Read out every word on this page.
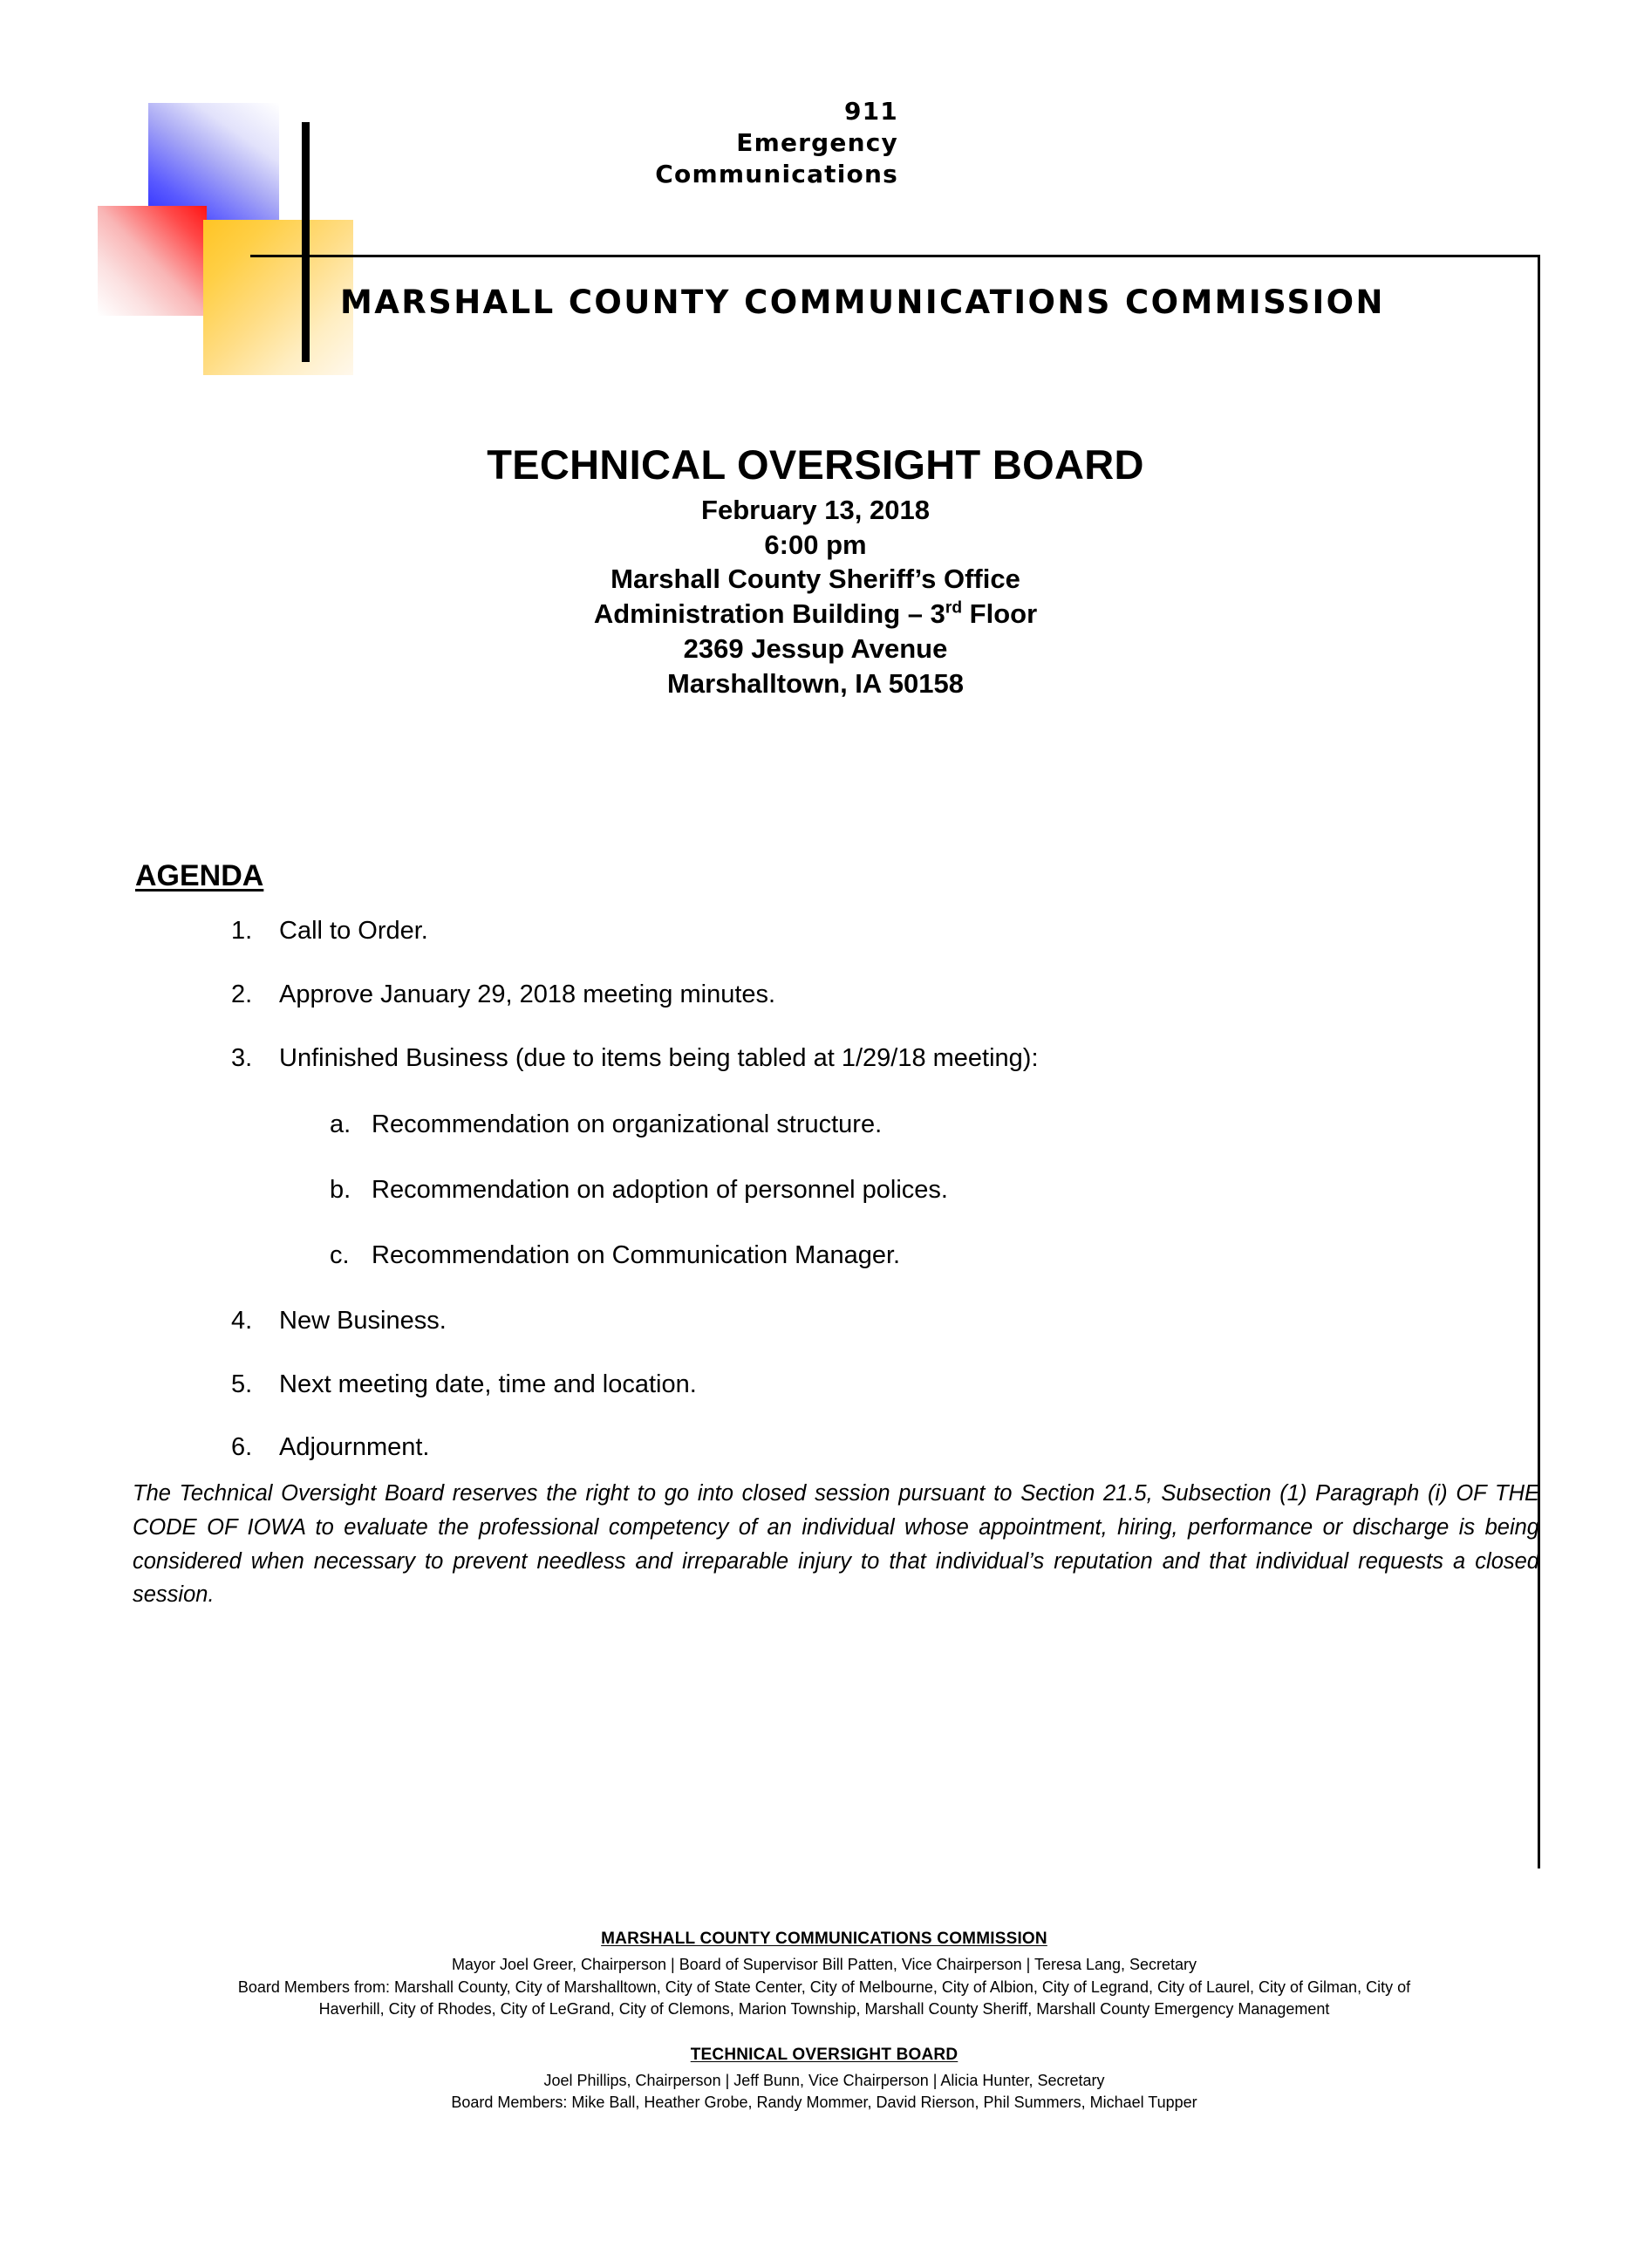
911
Emergency
Communications
MARSHALL COUNTY COMMUNICATIONS COMMISSION
TECHNICAL OVERSIGHT BOARD
February 13, 2018
6:00 pm
Marshall County Sheriff’s Office
Administration Building – 3rd Floor
2369 Jessup Avenue
Marshalltown, IA 50158
AGENDA
1.	Call to Order.
2.	Approve January 29, 2018 meeting minutes.
3.	Unfinished Business (due to items being tabled at 1/29/18 meeting):
a. Recommendation on organizational structure.
b. Recommendation on adoption of personnel polices.
c. Recommendation on Communication Manager.
4.	New Business.
5.	Next meeting date, time and location.
6.	Adjournment.
The Technical Oversight Board reserves the right to go into closed session pursuant to Section 21.5, Subsection (1) Paragraph (i) OF THE CODE OF IOWA to evaluate the professional competency of an individual whose appointment, hiring, performance or discharge is being considered when necessary to prevent needless and irreparable injury to that individual’s reputation and that individual requests a closed session.
MARSHALL COUNTY COMMUNICATIONS COMMISSION
Mayor Joel Greer, Chairperson | Board of Supervisor Bill Patten, Vice Chairperson | Teresa Lang, Secretary
Board Members from: Marshall County, City of Marshalltown, City of State Center, City of Melbourne, City of Albion, City of Legrand, City of Laurel, City of Gilman, City of
Haverhill, City of Rhodes, City of LeGrand, City of Clemons, Marion Township, Marshall County Sheriff, Marshall County Emergency Management
TECHNICAL OVERSIGHT BOARD
Joel Phillips, Chairperson | Jeff Bunn, Vice Chairperson | Alicia Hunter, Secretary
Board Members: Mike Ball, Heather Grobe, Randy Mommer, David Rierson, Phil Summers, Michael Tupper
